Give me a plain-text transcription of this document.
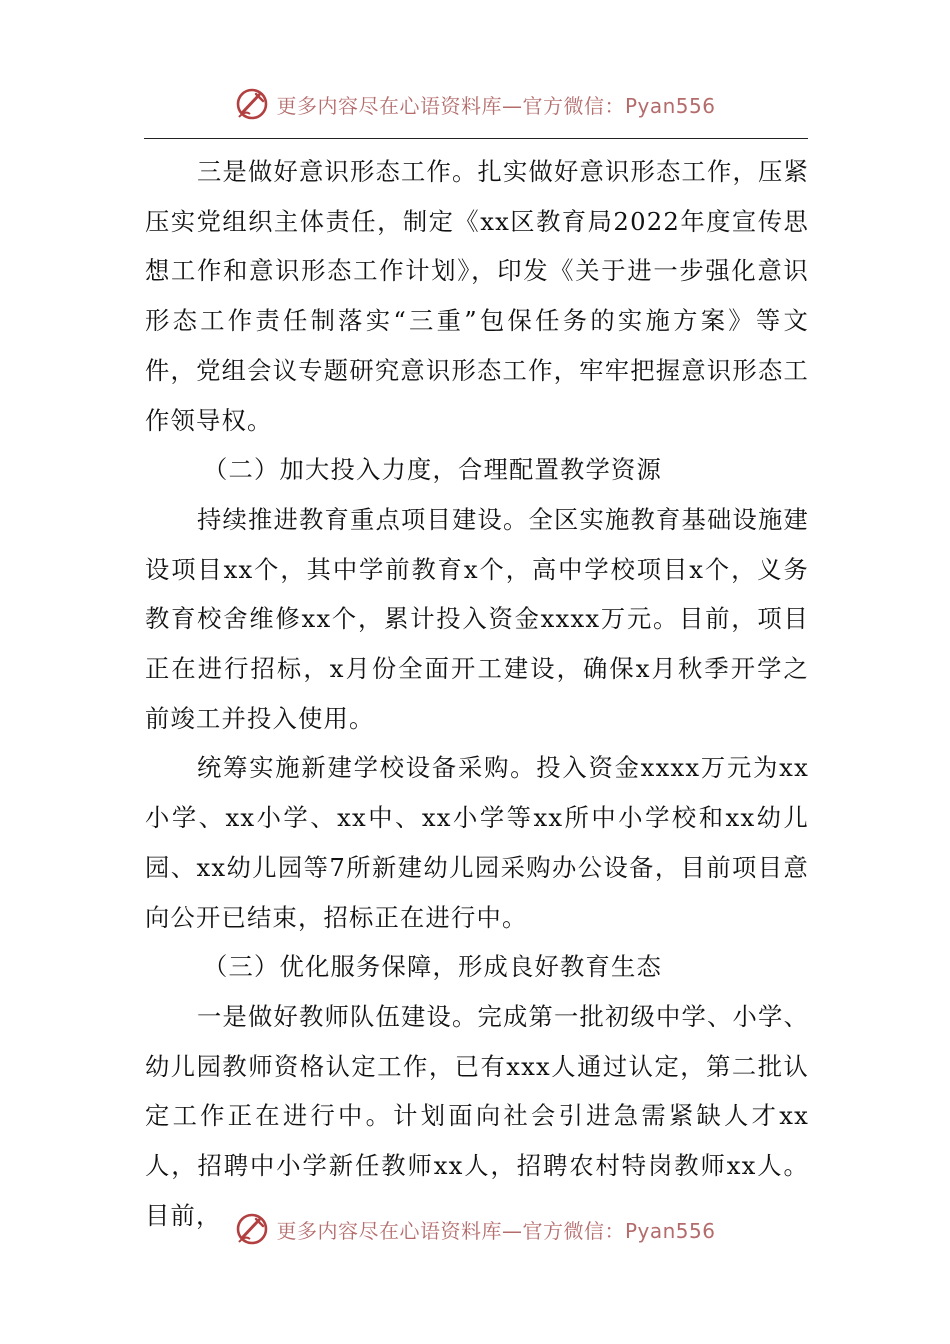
更多内容尽在心语资料库—官方微信：Pyan556

三是做好意识形态工作。扎实做好意识形态工作，压紧压实党组织主体责任，制定《xx区教育局2022年度宣传思想工作和意识形态工作计划》，印发《关于进一步强化意识形态工作责任制落实“三重”包保任务的实施方案》等文件，党组会议专题研究意识形态工作，牢牢把握意识形态工作领导权。

（二）加大投入力度，合理配置教学资源

持续推进教育重点项目建设。全区实施教育基础设施建设项目xx个，其中学前教育x个，高中学校项目x个，义务教育校舍维修xx个，累计投入资金xxxx万元。目前，项目正在进行招标，x月份全面开工建设，确保x月秋季开学之前竣工并投入使用。

统筹实施新建学校设备采购。投入资金xxxx万元为xx小学、xx小学、xx中、xx小学等xx所中小学校和xx幼儿园、xx幼儿园等7所新建幼儿园采购办公设备，目前项目意向公开已结束，招标正在进行中。

（三）优化服务保障，形成良好教育生态

一是做好教师队伍建设。完成第一批初级中学、小学、幼儿园教师资格认定工作，已有xxx人通过认定，第二批认定工作正在进行中。计划面向社会引进急需紧缺人才xx人，招聘中小学新任教师xx人，招聘农村特岗教师xx人。目前，

更多内容尽在心语资料库—官方微信：Pyan556
